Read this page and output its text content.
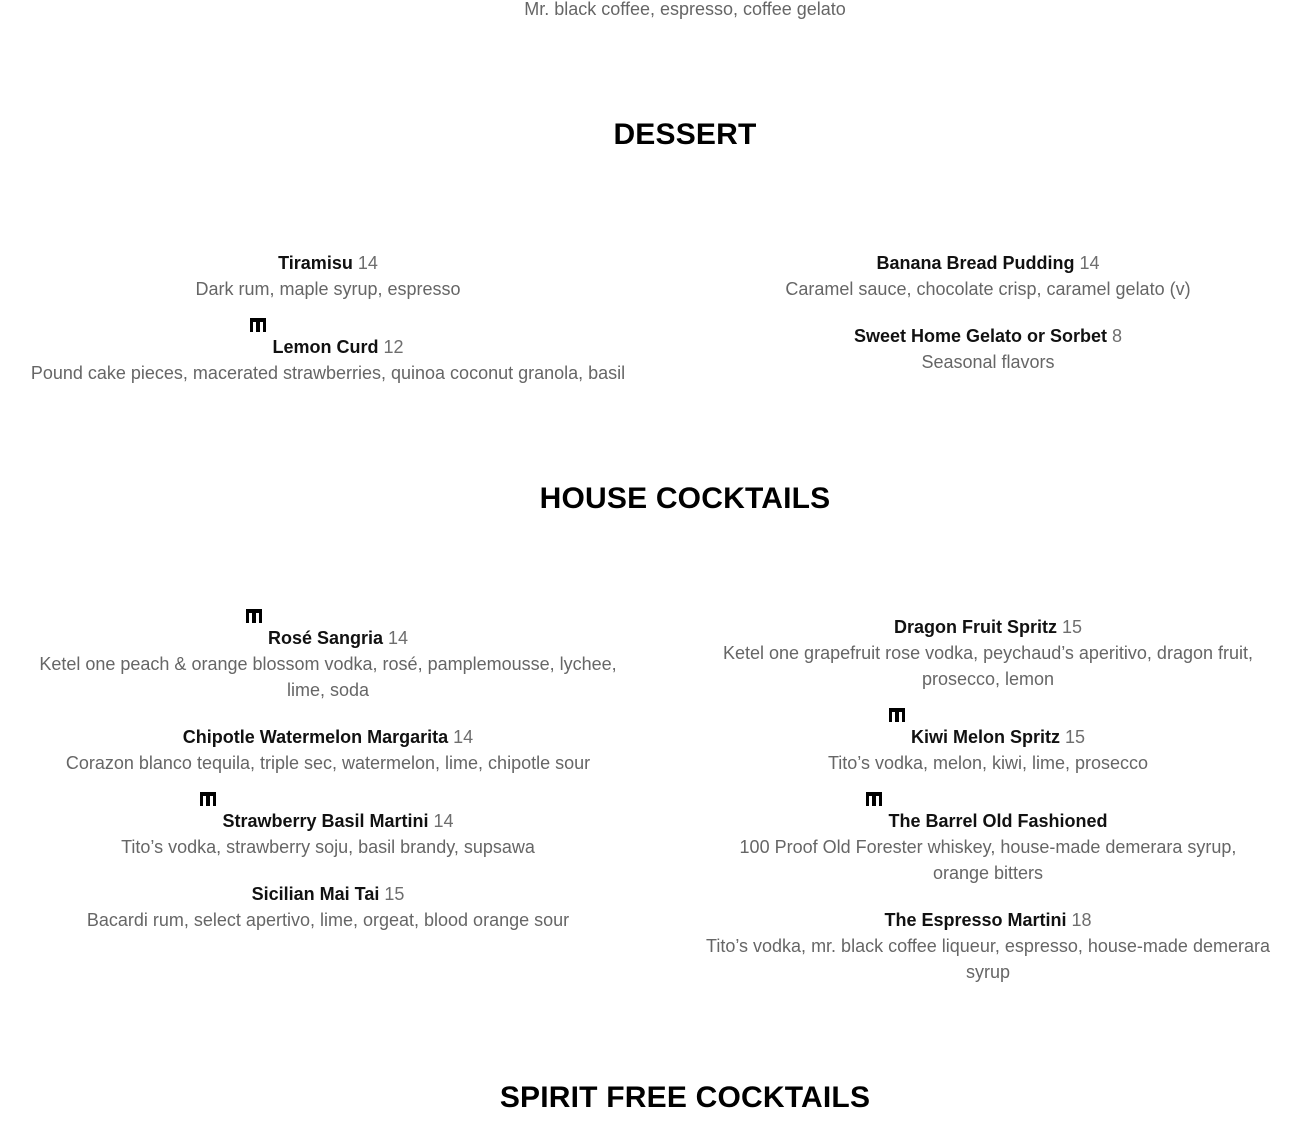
Mr. black coffee, espresso, coffee gelato
DESSERT
Tiramisu 14
Dark rum, maple syrup, espresso
Lemon Curd 12
Pound cake pieces, macerated strawberries, quinoa coconut granola, basil
Banana Bread Pudding 14
Caramel sauce, chocolate crisp, caramel gelato (v)
Sweet Home Gelato or Sorbet 8
Seasonal flavors
HOUSE COCKTAILS
Rosé Sangria 14
Ketel one peach & orange blossom vodka, rosé, pamplemousse, lychee, lime, soda
Chipotle Watermelon Margarita 14
Corazon blanco tequila, triple sec, watermelon, lime, chipotle sour
Strawberry Basil Martini 14
Tito’s vodka, strawberry soju, basil brandy, supsawa
Sicilian Mai Tai 15
Bacardi rum, select apertivo, lime, orgeat, blood orange sour
Dragon Fruit Spritz 15
Ketel one grapefruit rose vodka, peychaud’s aperitivo, dragon fruit, prosecco, lemon
Kiwi Melon Spritz 15
Tito’s vodka, melon, kiwi, lime, prosecco
The Barrel Old Fashioned
100 Proof Old Forester whiskey, house-made demerara syrup, orange bitters
The Espresso Martini 18
Tito’s vodka, mr. black coffee liqueur, espresso, house-made demerara syrup
SPIRIT FREE COCKTAILS
